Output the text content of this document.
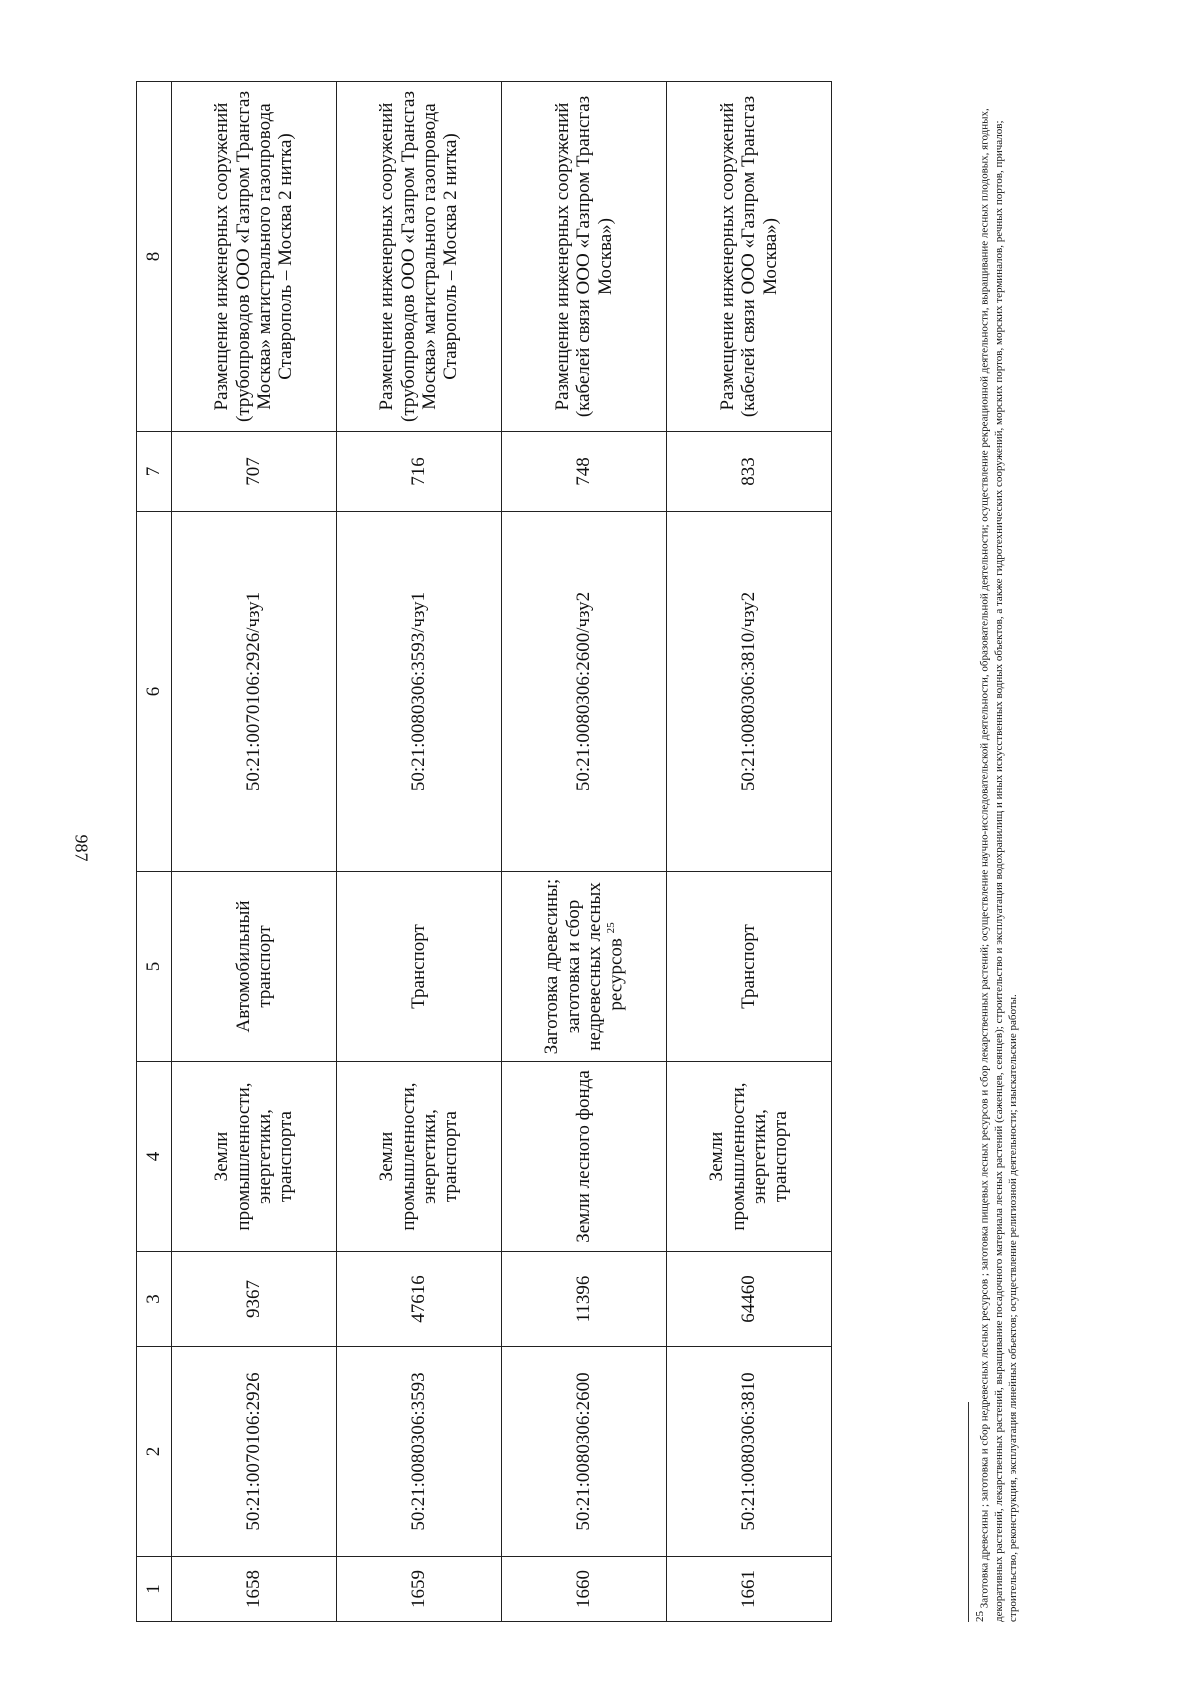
987
1	2	3	4	5	6	7	8
1658	50:21:0070106:2926	9367	Земли промышленности, энергетики, транспорта	Автомобильный транспорт	50:21:0070106:2926/чзу1	707	Размещение инженерных сооружений (трубопроводов ООО «Газпром Трансгаз Москва» магистрального газопровода Ставрополь – Москва 2 нитка)
1659	50:21:0080306:3593	47616	Земли промышленности, энергетики, транспорта	Транспорт	50:21:0080306:3593/чзу1	716	Размещение инженерных сооружений (трубопроводов ООО «Газпром Трансгаз Москва» магистрального газопровода Ставрополь – Москва 2 нитка)
1660	50:21:0080306:2600	11396	Земли лесного фонда	Заготовка древесины; заготовка и сбор недревесных лесных ресурсов $^{25}$	50:21:0080306:2600/чзу2	748	Размещение инженерных сооружений (кабелей связи ООО «Газпром Трансгаз Москва»)
1661	50:21:0080306:3810	64460	Земли промышленности, энергетики, транспорта	Транспорт	50:21:0080306:3810/чзу2	833	Размещение инженерных сооружений (кабелей связи ООО «Газпром Трансгаз Москва»)
$^{25}$ Заготовка древесины ; заготовка и сбор недревесных лесных ресурсов ; заготовка пищевых лесных ресурсов и сбор лекарственных растений; осуществление научно-исследовательской деятельности, образовательной деятельности; осуществление рекреационной деятельности, выращивание лесных плодовых, ягодных, декоративных растений, лекарственных растений, выращивание посадочного материала лесных растений (саженцев, сеянцев); строительство и эксплуатация водохранилищ и иных искусственных водных объектов, а также гидротехнических сооружений, морских портов, морских терминалов, речных портов, причалов; строительство, реконструкция, эксплуатация линейных объектов; осуществление религиозной деятельности; изыскательские работы.
